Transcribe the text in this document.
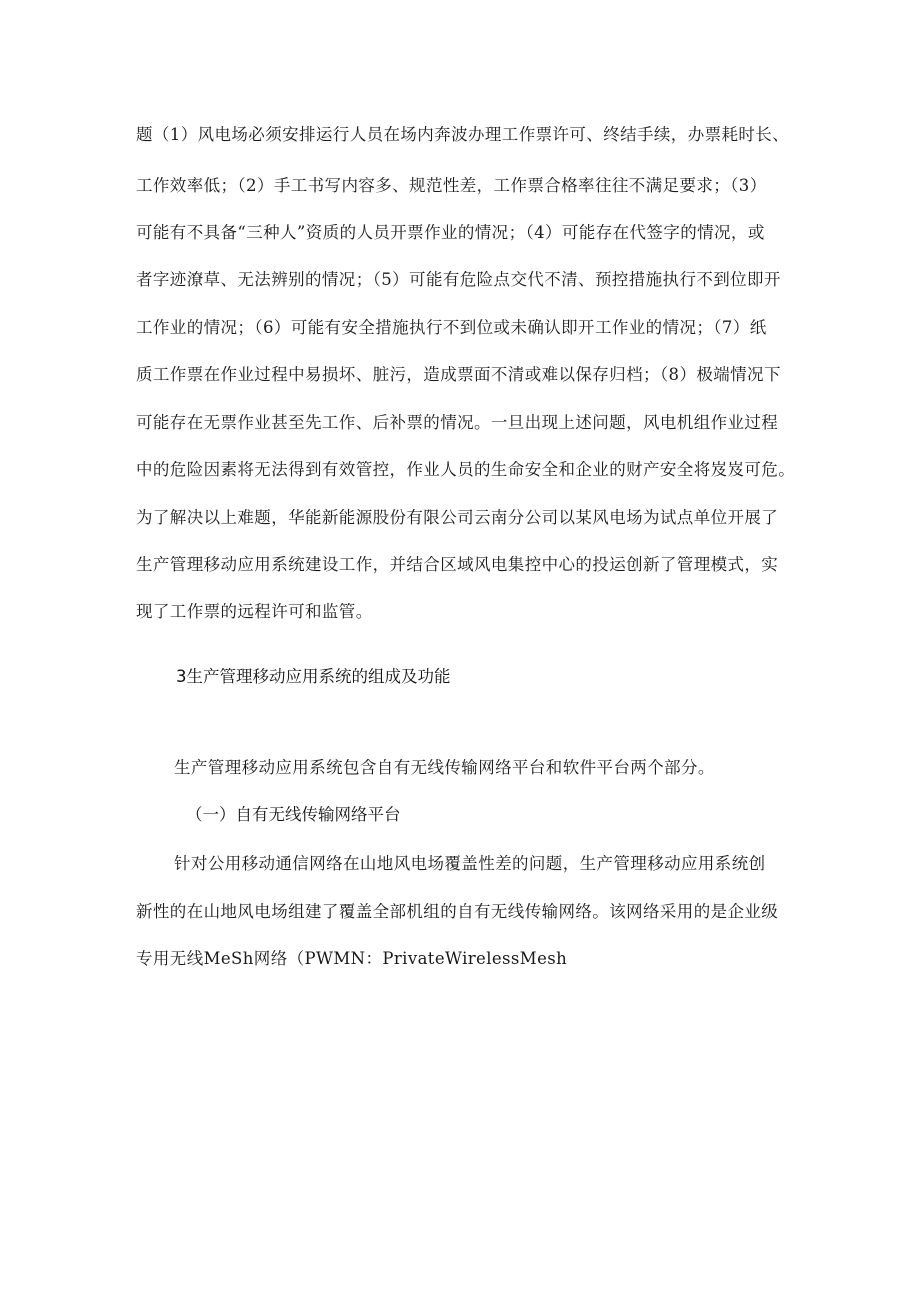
题（1）风电场必须安排运行人员在场内奔波办理工作票许可、终结手续，办票耗时长、
工作效率低；（2）手工书写内容多、规范性差，工作票合格率往往不满足要求；（3）
可能有不具备“三种人”资质的人员开票作业的情况；（4）可能存在代签字的情况，或
者字迹潦草、无法辨别的情况；（5）可能有危险点交代不清、预控措施执行不到位即开
工作业的情况；（6）可能有安全措施执行不到位或未确认即开工作业的情况；（7）纸
质工作票在作业过程中易损坏、脏污，造成票面不清或难以保存归档；（8）极端情况下
可能存在无票作业甚至先工作、后补票的情况。一旦出现上述问题，风电机组作业过程
中的危险因素将无法得到有效管控，作业人员的生命安全和企业的财产安全将岌岌可危。
为了解决以上难题，华能新能源股份有限公司云南分公司以某风电场为试点单位开展了
生产管理移动应用系统建设工作，并结合区域风电集控中心的投运创新了管理模式，实
现了工作票的远程许可和监管。
3生产管理移动应用系统的组成及功能
生产管理移动应用系统包含自有无线传输网络平台和软件平台两个部分。
（一）自有无线传输网络平台
针对公用移动通信网络在山地风电场覆盖性差的问题，生产管理移动应用系统创
新性的在山地风电场组建了覆盖全部机组的自有无线传输网络。该网络采用的是企业级
专用无线MeSh网络（PWMN：PrivateWirelessMesh
